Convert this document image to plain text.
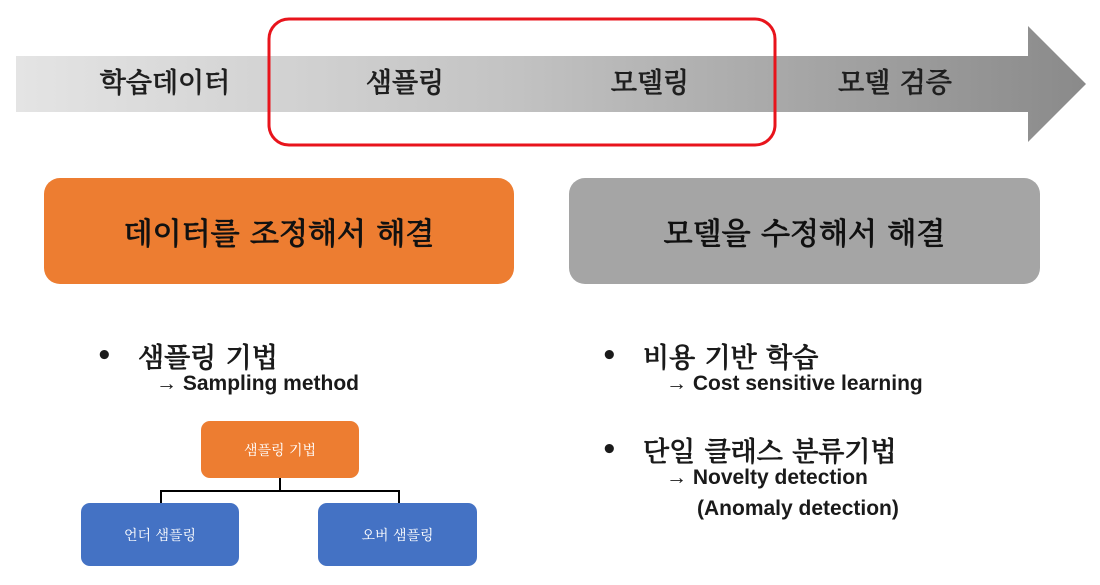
학습데이터	샘플링	모델링	모델 검증
데이터를 조정해서 해결	모델을 수정해서 해결
• 샘플링 기법
→ Sampling method
• 비용 기반 학습
→ Cost sensitive learning
• 단일 클래스 분류기법
→ Novelty detection
(Anomaly detection)
샘플링 기법
언더 샘플링	오버 샘플링
